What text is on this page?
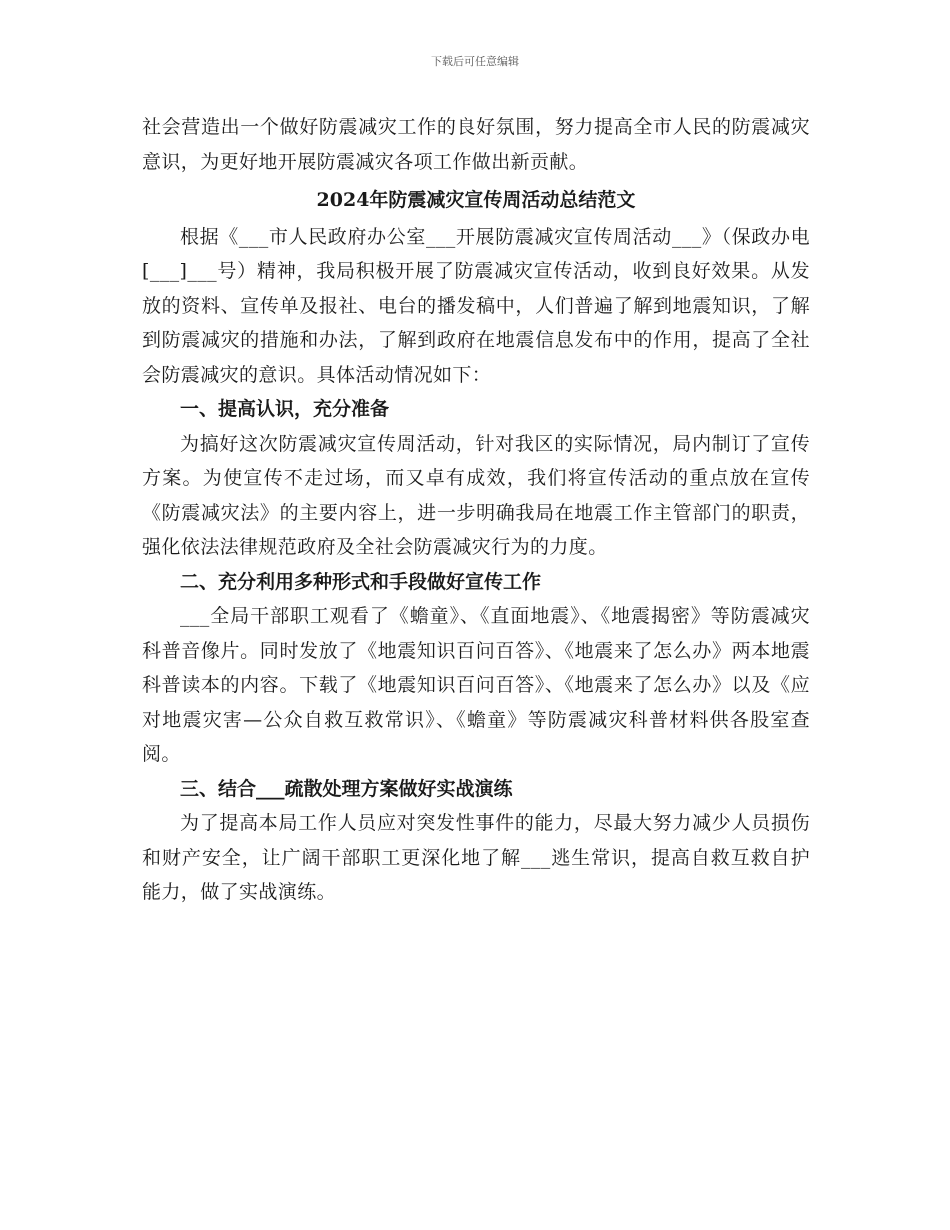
下载后可任意编辑

社会营造出一个做好防震减灾工作的良好氛围，努力提高全市人民的防震减灾意识，为更好地开展防震减灾各项工作做出新贡献。

2024年防震减灾宣传周活动总结范文

根据《___市人民政府办公室___开展防震减灾宣传周活动___》（保政办电[___]___号）精神，我局积极开展了防震减灾宣传活动，收到良好效果。从发放的资料、宣传单及报社、电台的播发稿中，人们普遍了解到地震知识，了解到防震减灾的措施和办法，了解到政府在地震信息发布中的作用，提高了全社会防震减灾的意识。具体活动情况如下：

一、提高认识，充分准备

为搞好这次防震减灾宣传周活动，针对我区的实际情况，局内制订了宣传方案。为使宣传不走过场，而又卓有成效，我们将宣传活动的重点放在宣传《防震减灾法》的主要内容上，进一步明确我局在地震工作主管部门的职责，强化依法法律规范政府及全社会防震减灾行为的力度。

二、充分利用多种形式和手段做好宣传工作

___全局干部职工观看了《蟾童》、《直面地震》、《地震揭密》等防震减灾科普音像片。同时发放了《地震知识百问百答》、《地震来了怎么办》两本地震科普读本的内容。下载了《地震知识百问百答》、《地震来了怎么办》以及《应对地震灾害—公众自救互救常识》、《蟾童》等防震减灾科普材料供各股室查阅。

三、结合___疏散处理方案做好实战演练

为了提高本局工作人员应对突发性事件的能力，尽最大努力减少人员损伤和财产安全，让广阔干部职工更深化地了解___逃生常识，提高自救互救自护能力，做了实战演练。
